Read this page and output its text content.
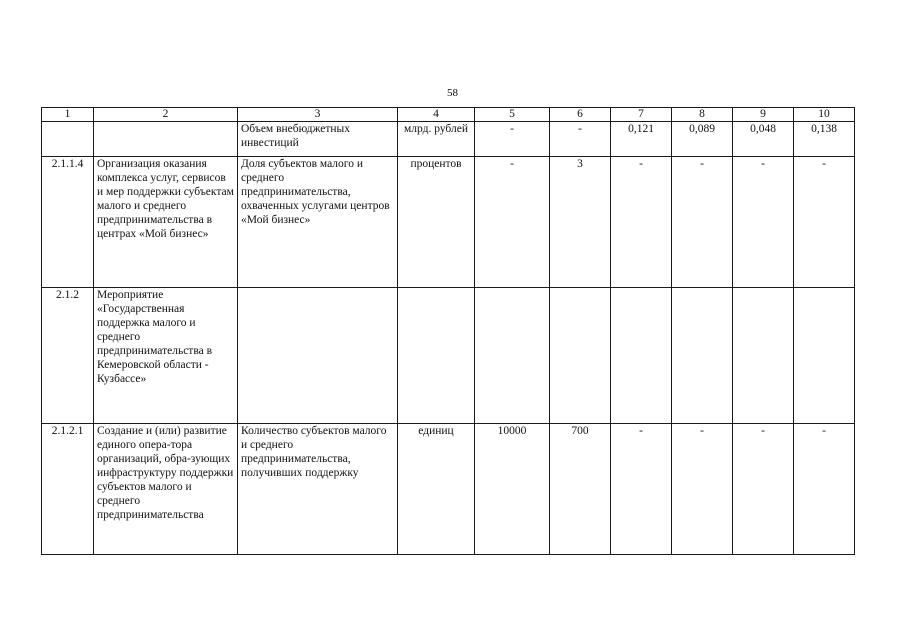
58
1	2	3	4	5	6	7	8	9	10
		Объем внебюджетных инвестиций	млрд. рублей	-	-	0,121	0,089	0,048	0,138
2.1.1.4	Организация оказания комплекса услуг, сервисов и мер поддержки субъектам малого и среднего предпринимательства в центрах «Мой бизнес»	Доля субъектов малого и среднего предпринимательства, охваченных услугами центров «Мой бизнес»	процентов	-	3	-	-	-	-
2.1.2	Мероприятие «Государственная поддержка малого и среднего предпринимательства в Кемеровской области - Кузбассе»								
2.1.2.1	Создание и (или) развитие единого опера-тора организаций, обра-зующих инфраструктуру поддержки субъектов малого и среднего предпринимательства	Количество субъектов малого и среднего предпринимательства, получивших поддержку	единиц	10000	700	-	-	-	-
